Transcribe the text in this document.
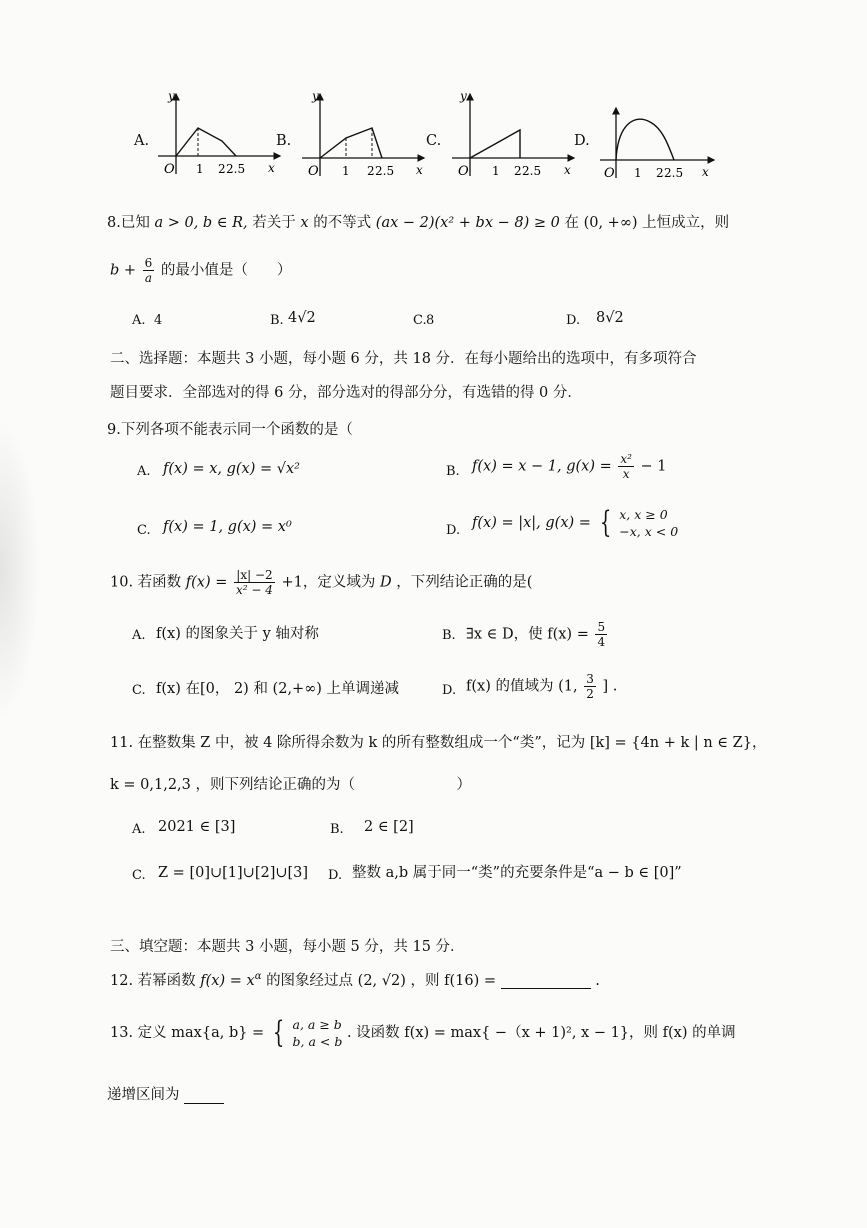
A.
O 1 2 2.5 x
y
B.
O 1 2 2.5 x
y
C.
O 1 2 2.5 x
y
D.
O 1 2 2.5 x
8.已知 a > 0, b ∈ R, 若关于 x 的不等式 (ax − 2)(x² + bx − 8) ≥ 0 在 (0, +∞) 上恒成立，则
$b + \frac{6}{a}$ 的最小值是（　　）
A. 4	B. 4√2	C. 8	D. 8√2
二、选择题：本题共 3 小题，每小题 6 分，共 18 分．在每小题给出的选项中，有多项符合
题目要求．全部选对的得 6 分，部分选对的得部分分，有选错的得 0 分．
9.下列各项不能表示同一个函数的是（
A. f(x) = x, g(x) = √x²	B. f(x) = x − 1, $g(x) = \frac{\text{x²}}{x} - 1$
C. f(x) = 1, g(x) = x⁰	D. f(x) = |x|, g(x) = { x, x ≥ 0
−x, x < 0
10. 若函数 $f(x) = \frac{|x| -2}{\text{x² − 4}} +1$，定义域为 D ，下列结论正确的是(
A. f(x) 的图象关于 y 轴对称	B. ∃x ∈ D，使 $f(x) = \frac{5}{4}$
C. f(x) 在[0， 2) 和 (2,+∞) 上单调递减	D. f(x) 的值域为 (1, $\frac{3}{2}$ ] .
11. 在整数集 Z 中，被 4 除所得余数为 k 的所有整数组成一个“类”，记为 [k] = {4n + k | n ∈ Z}，
k = 0,1,2,3 ，则下列结论正确的为（　　　　　　　）
A. 2021 ∈ [3]	B. 2 ∈ [2]
C. Z = [0]∪[1]∪[2]∪[3] D. 整数 a,b 属于同一“类”的充要条件是“a − b ∈ [0]”
三、填空题：本题共 3 小题，每小题 5 分，共 15 分．
12. 若幂函数 $f(x) = x^\alpha$ 的图象经过点 (2, √2) ，则 f(16) =	.
13. 定义 max{a, b} = { a, a ≥ b
b, a < b
. 设函数 f(x) = max{ −（x + 1)², x − 1}，则 f(x) 的单调
递增区间为
